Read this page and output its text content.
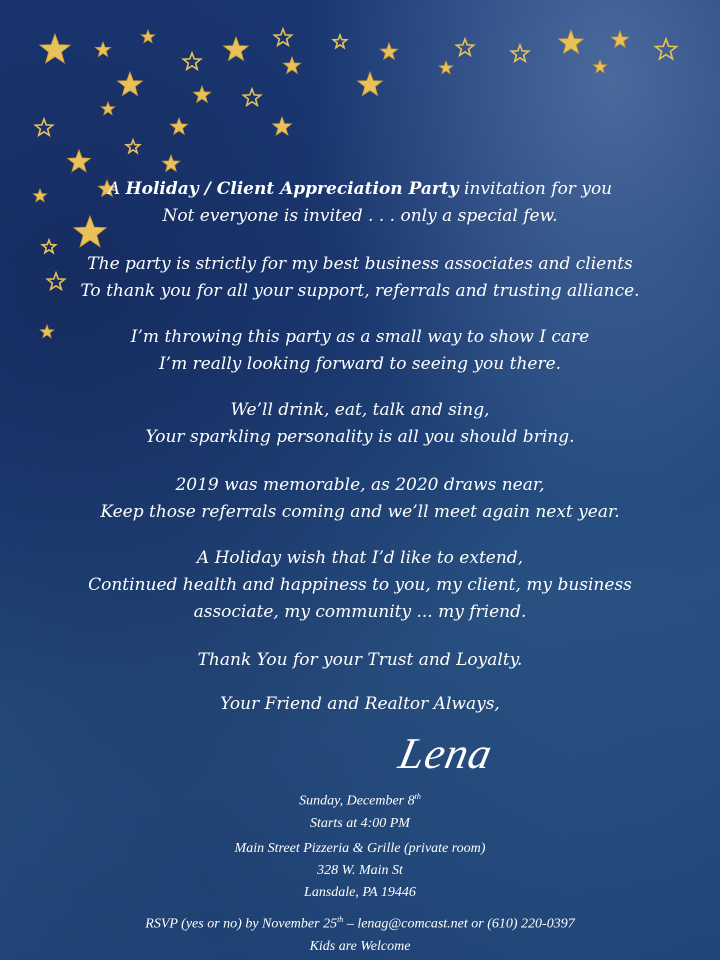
A Holiday / Client Appreciation Party invitation for you
Not everyone is invited . . . only a special few.
The party is strictly for my best business associates and clients
To thank you for all your support, referrals and trusting alliance.
I’m throwing this party as a small way to show I care
I’m really looking forward to seeing you there.
We’ll drink, eat, talk and sing,
Your sparkling personality is all you should bring.
2019 was memorable, as 2020 draws near,
Keep those referrals coming and we’ll meet again next year.
A Holiday wish that I’d like to extend,
Continued health and happiness to you, my client, my business
associate, my community ... my friend.
Thank You for your Trust and Loyalty.
Your Friend and Realtor Always,
Lena
Sunday, December 8th
Starts at 4:00 PM
Main Street Pizzeria & Grille (private room)
328 W. Main St
Lansdale, PA 19446
RSVP (yes or no) by November 25th – lenag@comcast.net or (610) 220-0397
Kids are Welcome
